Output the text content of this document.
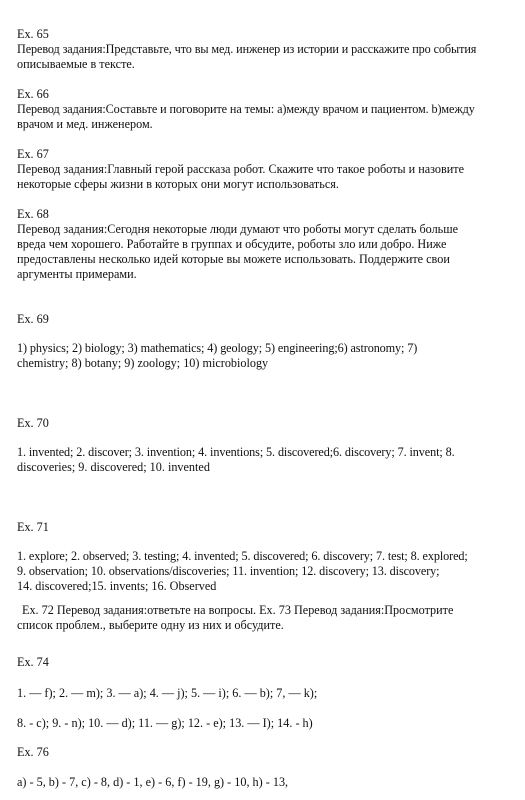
Ex. 65
Перевод задания:Представьте, что вы мед. инженер из истории и расскажите про события
описываемые в тексте.
Ex. 66
Перевод задания:Составьте и поговорите на темы: а)между врачом и пациентом. b)между
врачом и мед. инженером.
Ex. 67
Перевод задания:Главный герой рассказа робот. Скажите что такое роботы и назовите
некоторые сферы жизни в которых они могут использоваться.
Ex. 68
Перевод задания:Сегодня некоторые люди думают что роботы могут сделать больше
вреда чем хорошего. Работайте в группах и обсудите, роботы зло или добро. Ниже
предоставлены несколько идей которые вы можете использовать. Поддержите свои
аргументы примерами.
Ex. 69
1) physics; 2) biology; 3) mathematics; 4) geology; 5) engineering;6) astronomy; 7)
chemistry; 8) botany; 9) zoology; 10) microbiology
Ex. 70
1. invented; 2. discover; 3. invention; 4. inventions; 5. discovered;6. discovery; 7. invent; 8.
discoveries; 9. discovered; 10. invented
Ex. 71
1. explore; 2. observed; 3. testing; 4. invented; 5. discovered; 6. discovery; 7. test; 8. explored;
9. observation; 10. observations/discoveries; 11. invention; 12. discovery; 13. discovery;
14. discovered;15. invents; 16. Observed
Ex. 72 Перевод задания:ответьте на вопросы. Ex. 73 Перевод задания:Просмотрите
список проблем., выберите одну из них и обсудите.
Ex. 74
1. — f); 2. — m); 3. — a); 4. — j); 5. — i); 6. — b); 7, — k);
8. - c); 9. - n); 10. — d); 11. — g); 12. - e); 13. — I); 14. - h)
Ex. 76
a) - 5, b) - 7, c) - 8, d) - 1, e) - 6, f) - 19, g) - 10, h) - 13,
